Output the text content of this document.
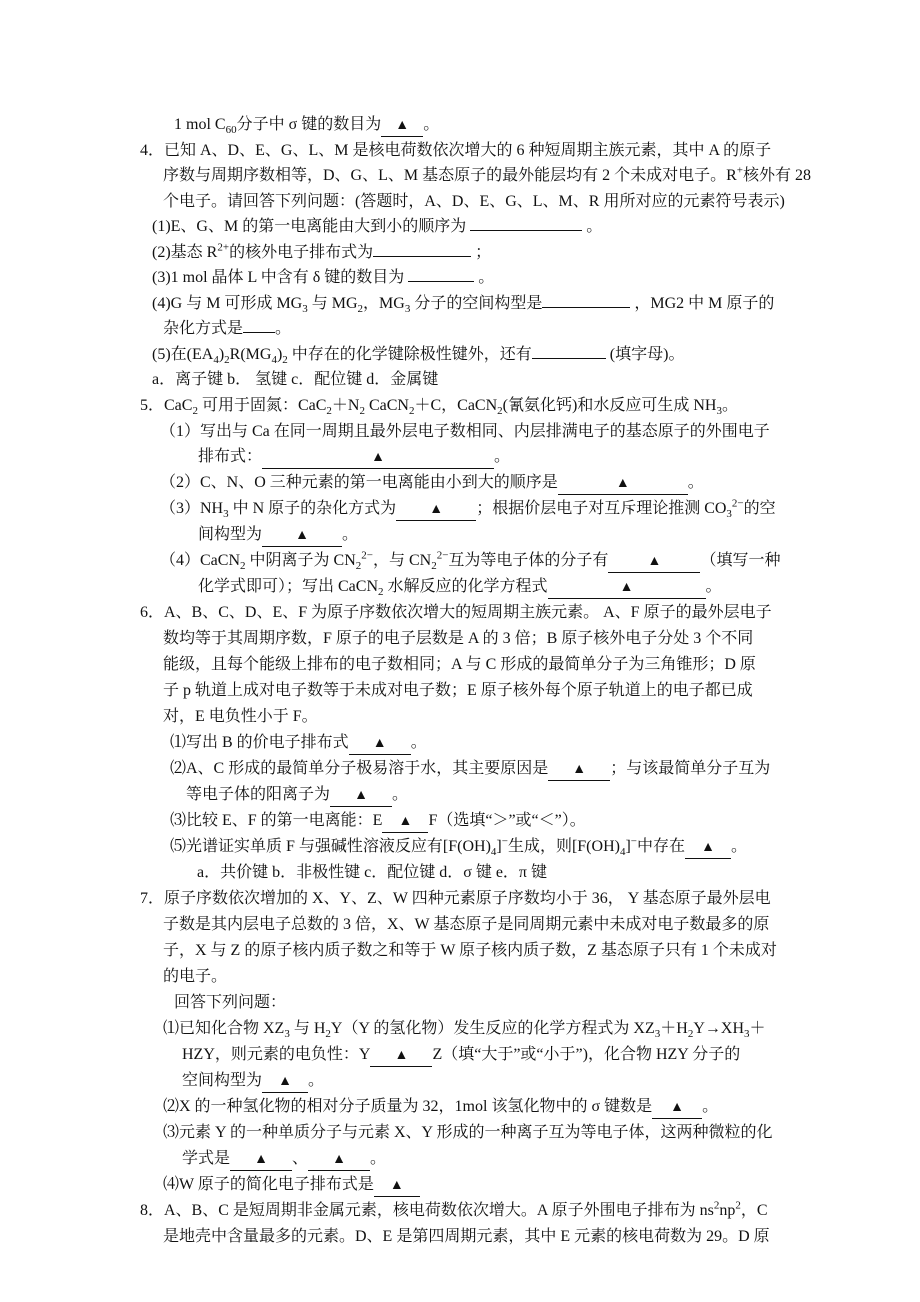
1 mol $C_{60}$分子中 σ 键的数目为 ▲ 。
4．已知 A、D、E、G、L、M 是核电荷数依次增大的 6 种短周期主族元素，其中 A 的原子
序数与周期序数相等，D、G、L、M 基态原子的最外能层均有 2 个未成对电子。R+核外有 28
个电子。请回答下列问题：(答题时，A、D、E、G、L、M、R 用所对应的元素符号表示)
(1)E、G、M 的第一电离能由大到小的顺序为	。
(2)基态 $R^{2+}$的核外电子排布式为	；
(3)1 mol 晶体 L 中含有 δ 键的数目为	。
(4)G 与 M 可形成 $MG_3$ 与 $MG_2$，$MG_3$ 分子的空间构型是	，MG2 中 M 原子的
杂化方式是 。
(5)在$(EA_4)_2R(MG_4)_2$ 中存在的化学键除极性键外，还有	(填字母)。
a．离子键 b． 氢键 c．配位键 d．金属键
5．CaC$_2$ 可用于固氮：$CaC_2+N_2$ CaCN$_2$＋C，CaCN$_2$(氰氨化钙)和水反应可生成 $NH_3$。
（1）写出与 Ca 在同一周期且最外层电子数相同、内层排满电子的基态原子的外围电子
排布式：	▲	。
（2）C、N、O 三种元素的第一电离能由小到大的顺序是	▲	。
$(3)NH_3$ 中 N 原子的杂化方式为 ▲ ；根据价层电子对互斥理论推测 $CO_3^{2-}$的空
间构型为 ▲ 。
（4）CaCN$_2$ 中阴离子为 $CN_2^{2-}$，与 $CN_2^{2-}$互为等电子体的分子有	▲ （填写一种
化学式即可）；写出 CaCN$_2$ 水解反应的化学方程式	▲	。
6．A、B、C、D、E、F 为原子序数依次增大的短周期主族元素。 A、F 原子的最外层电子
数均等于其周期序数，F 原子的电子层数是 A 的 3 倍；B 原子核外电子分处 3 个不同
能级，且每个能级上排布的电子数相同；A 与 C 形成的最简单分子为三角锥形；D 原
子 p 轨道上成对电子数等于未成对电子数；E 原子核外每个原子轨道上的电子都已成
对，E 电负性小于 F。
⑴写出 B 的价电子排布式 ▲ 。
⑵A、C 形成的最简单分子极易溶于水，其主要原因是 ▲ ；与该最简单分子互为
等电子体的阳离子为 ▲ 。
⑶比较 E、F 的第一电离能：E ▲ F（选填“＞”或“＜”）。
⑸光谱证实单质 F 与强碱性溶液反应有$[F(OH)_4]^-$生成，则$[F(OH)_4]^-$中存在 ▲ 。
a．共价键 b．非极性键 c．配位键 d．σ 键 e．π 键
7．原子序数依次增加的 X、Y、Z、W 四种元素原子序数均小于 36， Y 基态原子最外层电
子数是其内层电子总数的 3 倍，X、W 基态原子是同周期元素中未成对电子数最多的原
子，X 与 Z 的原子核内质子数之和等于 W 原子核内质子数，Z 基态原子只有 1 个未成对
的电子。
回答下列问题：
⑴已知化合物 $XZ_3$ 与 $H_2Y(Y$ 的氢化物）发生反应的化学方程式为 $XZ_3+H_2Y\to XH_3+$
HZY，则元素的电负性：Y ▲ Z（填“大于”或“小于”)，化合物 HZY 分子的
空间构型为 ▲ 。
⑵X 的一种氢化物的相对分子质量为 32，1mol 该氢化物中的 σ 键数是 ▲ 。
⑶元素 Y 的一种单质分子与元素 X、Y 形成的一种离子互为等电子体，这两种微粒的化
学式是 ▲ 、 ▲ 。
⑷W 原子的简化电子排布式是 ▲
8．A、B、C 是短周期非金属元素，核电荷数依次增大。A 原子外围电子排布为 $ns^2np^2$，C
是地壳中含量最多的元素。D、E 是第四周期元素，其中 E 元素的核电荷数为 29。D 原
